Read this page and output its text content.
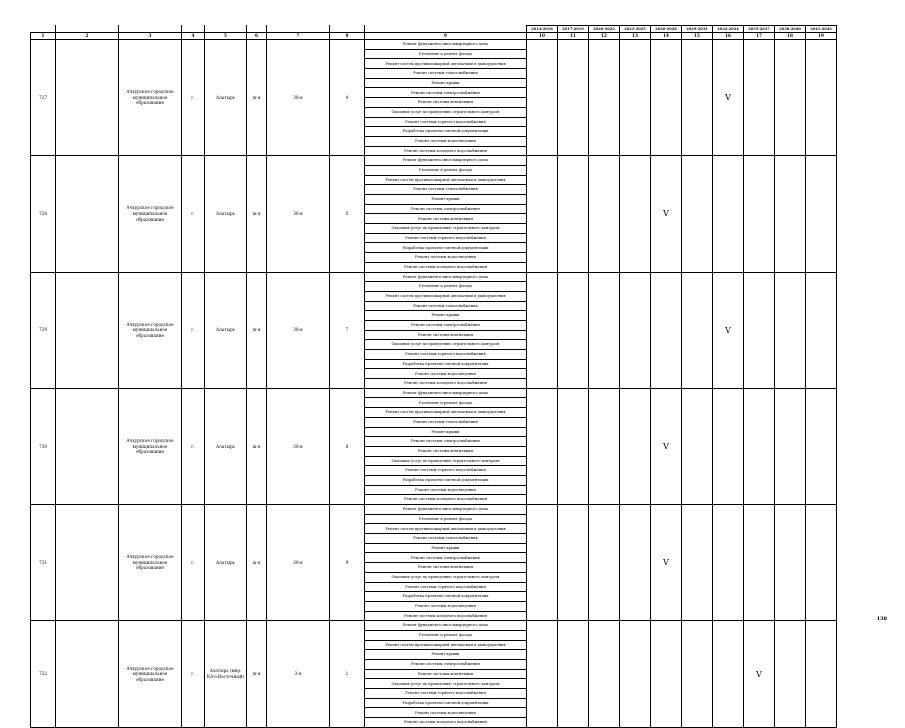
									2014-2016	2017-2019	2020-2022	2023-2025	2026-2028	2029-2031	2032-2034	2035-2037	2038-2040	2041-2043
1	2	3	4	5	6	7	8	9	10	11	12	13	14	15	16	17	18	19
727		Ачхурское городское муниципальное образование	г.	Алатырь	ш-я	38-я	4	Ремонт фундамента многоквартирного дома							V			
								Утепление и ремонт фасада										
								Ремонт систем противопожарной автоматики и дымоудаления										
								Ремонт системы теплоснабжения										
								Ремонт крыши										
								Ремонт системы электроснабжения										
								Ремонт системы вентиляции										
								Оказание услуг по проведению строительного контроля										
								Ремонт системы горячего водоснабжения										
								Разработка проектно-сметной документации										
								Ремонт системы водоотведения										
								Ремонт системы холодного водоснабжения										
728		Ачхурское городское муниципальное образование	г.	Алатырь	ш-я	38-я	5	Ремонт фундамента многоквартирного дома					V					
								Утепление и ремонт фасада										
								Ремонт систем противопожарной автоматики и дымоудаления										
								Ремонт системы теплоснабжения										
								Ремонт крыши										
								Ремонт системы электроснабжения										
								Ремонт системы вентиляции										
								Оказание услуг по проведению строительного контроля										
								Ремонт системы горячего водоснабжения										
								Разработка проектно-сметной документации										
								Ремонт системы водоотведения										
								Ремонт системы холодного водоснабжения										
729		Ачхурское городское муниципальное образование	г.	Алатырь	ш-я	38-я	7	Ремонт фундамента многоквартирного дома							V			
								Утепление и ремонт фасада										
								Ремонт систем противопожарной автоматики и дымоудаления										
								Ремонт системы теплоснабжения										
								Ремонт крыши										
								Ремонт системы электроснабжения										
								Ремонт системы вентиляции										
								Оказание услуг по проведению строительного контроля										
								Ремонт системы горячего водоснабжения										
								Разработка проектно-сметной документации										
								Ремонт системы водоотведения										
								Ремонт системы холодного водоснабжения										
730		Ачхурское городское муниципальное образование	г.	Алатырь	ш-я	38-я	8	Ремонт фундамента многоквартирного дома					V					
								Утепление и ремонт фасада										
								Ремонт систем противопожарной автоматики и дымоудаления										
								Ремонт системы теплоснабжения										
								Ремонт крыши										
								Ремонт системы электроснабжения										
								Ремонт системы вентиляции										
								Оказание услуг по проведению строительного контроля										
								Ремонт системы горячего водоснабжения										
								Разработка проектно-сметной документации										
								Ремонт системы водоотведения										
								Ремонт системы холодного водоснабжения										
731		Ачхурское городское муниципальное образование	г.	Алатырь	ш-я	38-я	9	Ремонт фундамента многоквартирного дома					V					
								Утепление и ремонт фасада										
								Ремонт систем противопожарной автоматики и дымоудаления										
								Ремонт системы теплоснабжения										
								Ремонт крыши										
								Ремонт системы электроснабжения										
								Ремонт системы вентиляции										
								Оказание услуг по проведению строительного контроля										
								Ремонт системы горячего водоснабжения										
								Разработка проектно-сметной документации										
								Ремонт системы водоотведения										
								Ремонт системы холодного водоснабжения										
732		Ачхурское городское муниципальное образование	г.	Алатырь (мкр. Юго-Восточный)	ш-я	3-я	1	Ремонт фундамента многоквартирного дома								V		
								Утепление и ремонт фасада										
								Ремонт систем противопожарной автоматики и дымоудаления										
								Ремонт крыши										
								Ремонт системы электроснабжения										
								Ремонт системы вентиляции										
								Оказание услуг по проведению строительного контроля										
								Ремонт системы горячего водоснабжения										
								Разработка проектно-сметной документации										
								Ремонт системы водоотведения										
								Ремонт системы холодного водоснабжения										
138
